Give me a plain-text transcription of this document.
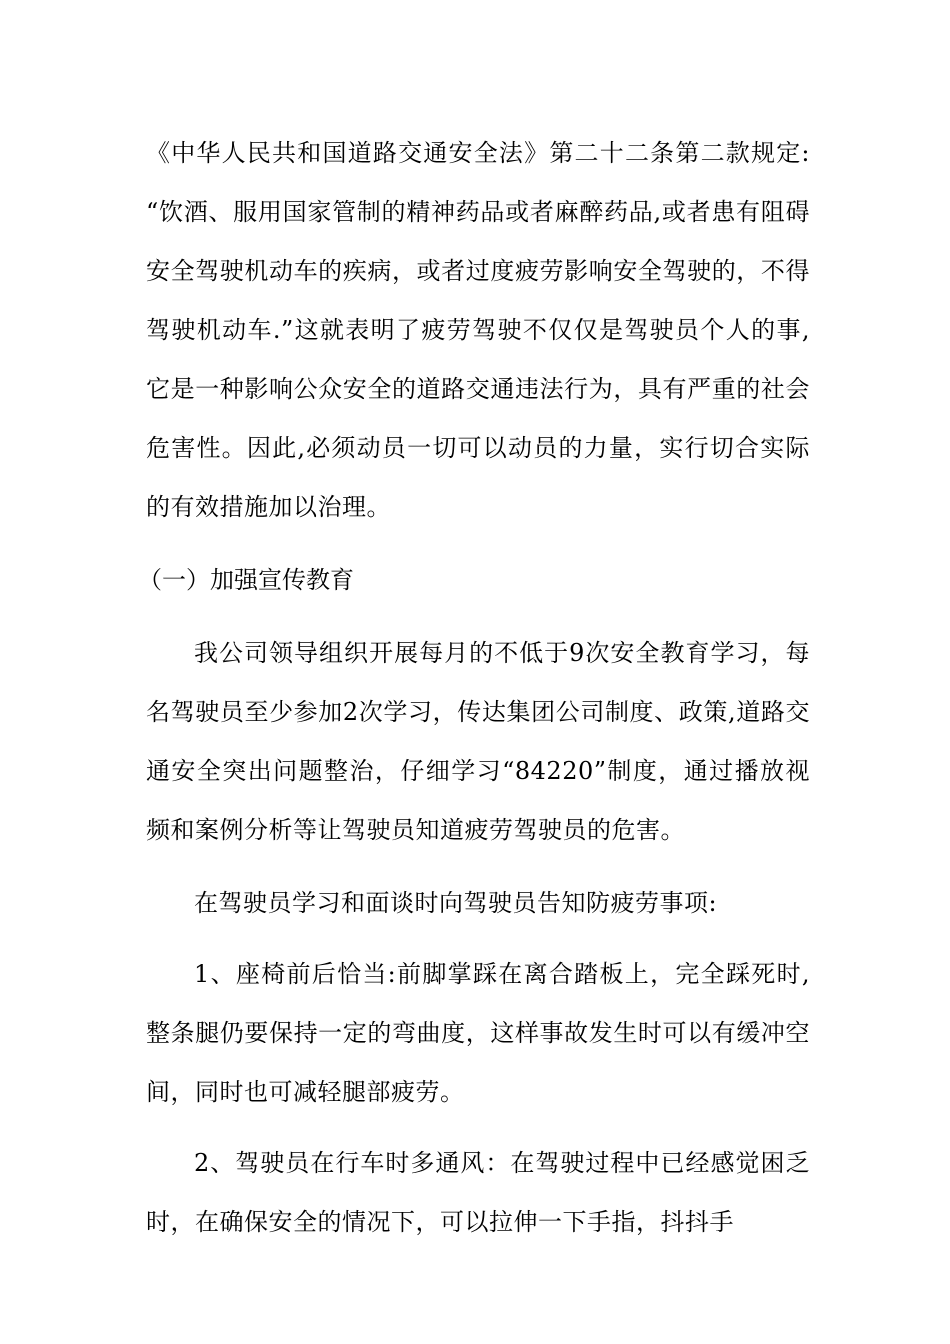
《中华人民共和国道路交通安全法》第二十二条第二款规定: “饮酒、服用国家管制的精神药品或者麻醉药品,或者患有阻碍安全驾驶机动车的疾病，或者过度疲劳影响安全驾驶的，不得驾驶机动车.”这就表明了疲劳驾驶不仅仅是驾驶员个人的事,它是一种影响公众安全的道路交通违法行为，具有严重的社会危害性。因此,必须动员一切可以动员的力量，实行切合实际的有效措施加以治理。

（一）加强宣传教育

我公司领导组织开展每月的不低于9次安全教育学习，每名驾驶员至少参加2次学习，传达集团公司制度、政策,道路交通安全突出问题整治，仔细学习“84220”制度，通过播放视频和案例分析等让驾驶员知道疲劳驾驶员的危害。

在驾驶员学习和面谈时向驾驶员告知防疲劳事项:

1、座椅前后恰当:前脚掌踩在离合踏板上，完全踩死时,整条腿仍要保持一定的弯曲度，这样事故发生时可以有缓冲空间，同时也可减轻腿部疲劳。

2、驾驶员在行车时多通风：在驾驶过程中已经感觉困乏时，在确保安全的情况下，可以拉伸一下手指，抖抖手
